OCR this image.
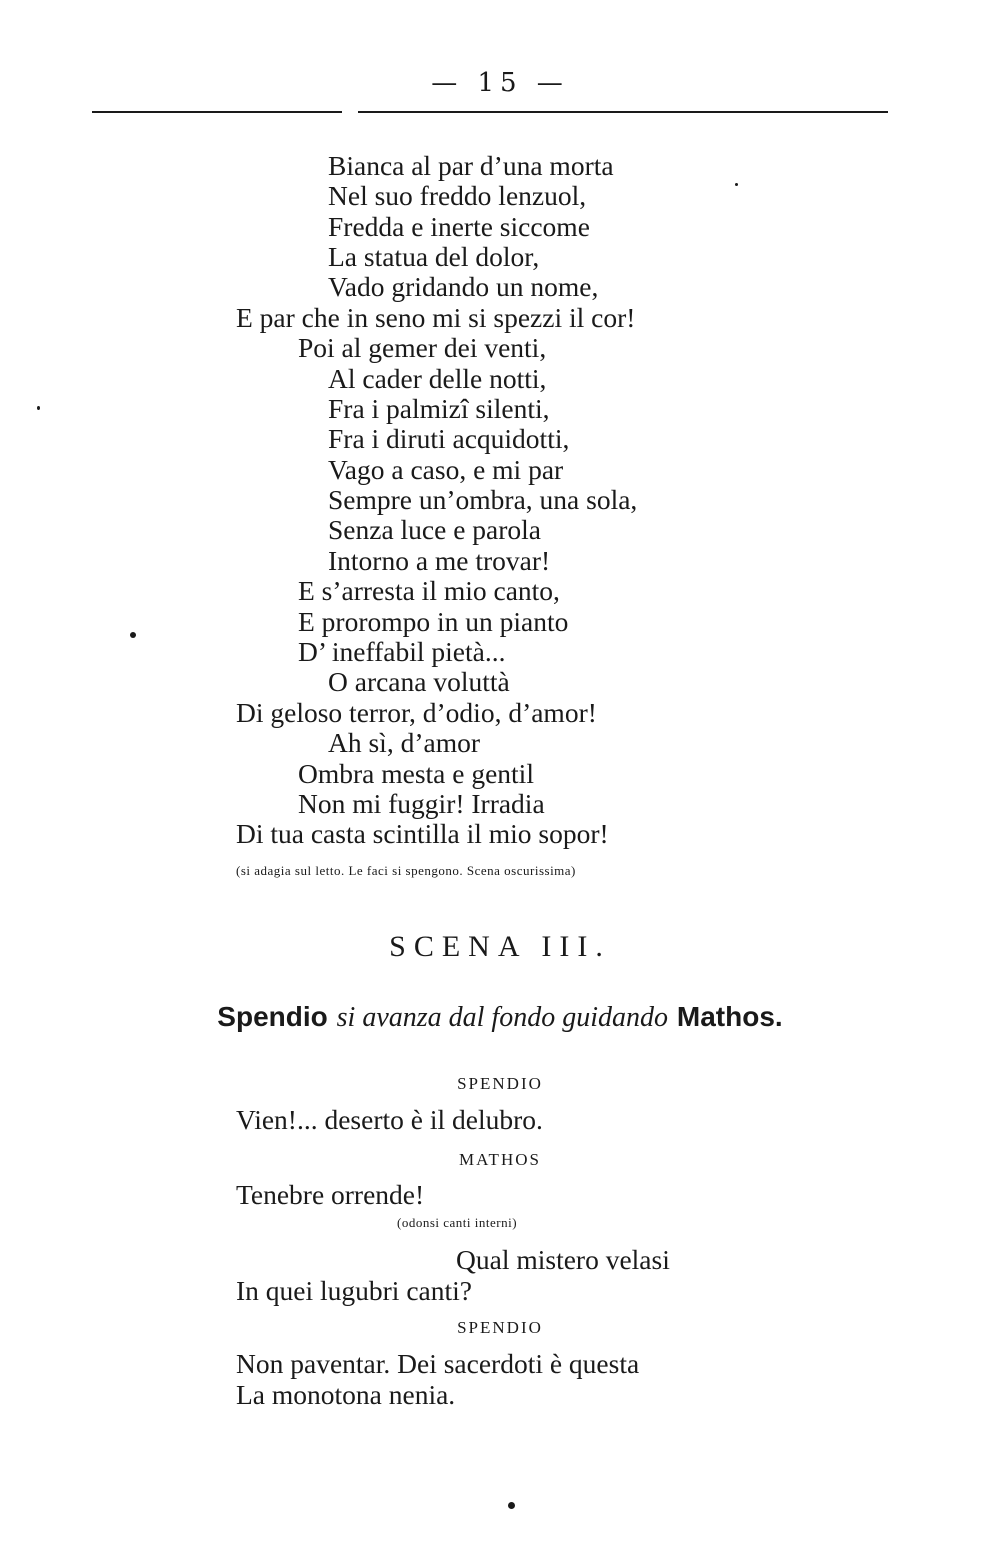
— 15 —
Bianca al par d’una morta
Nel suo freddo lenzuol,
Fredda e inerte siccome
La statua del dolor,
Vado gridando un nome,
E par che in seno mi si spezzi il cor!
Poi al gemer dei venti,
Al cader delle notti,
Fra i palmizî silenti,
Fra i diruti acquidotti,
Vago a caso, e mi par
Sempre un’ombra, una sola,
Senza luce e parola
Intorno a me trovar!
E s’arresta il mio canto,
E prorompo in un pianto
D’ ineffabil pietà...
O arcana voluttà
Di geloso terror, d’odio, d’amor!
Ah sì, d’amor
Ombra mesta e gentil
Non mi fuggir! Irradia
Di tua casta scintilla il mio sopor!
(si adagia sul letto. Le faci si spengono. Scena oscurissima)
SCENA III.
Spendio si avanza dal fondo guidando Mathos.
SPENDIO
Vien!... deserto è il delubro.
MATHOS
Tenebre orrende!
(odonsi canti interni)
Qual mistero velasi
In quei lugubri canti?
SPENDIO
Non paventar. Dei sacerdoti è questa
La monotona nenia.
